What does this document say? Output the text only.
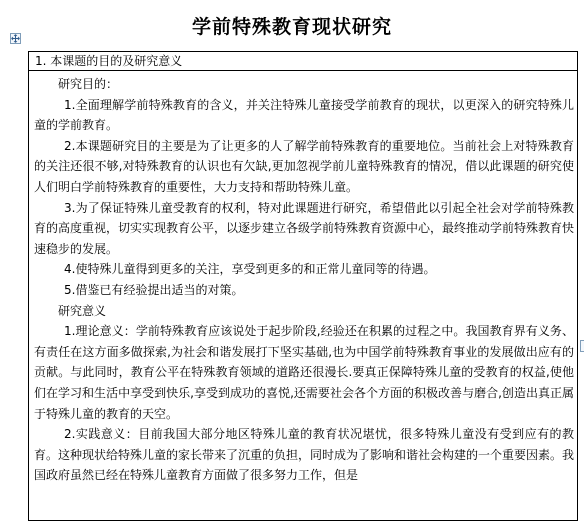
学前特殊教育现状研究
1. 本课题的目的及研究意义

研究目的：

1.全面理解学前特殊教育的含义，并关注特殊儿童接受学前教育的现状，以更深入的研究特殊儿童的学前教育。

2.本课题研究目的主要是为了让更多的人了解学前特殊教育的重要地位。当前社会上对特殊教育的关注还很不够,对特殊教育的认识也有欠缺,更加忽视学前儿童特殊教育的情况，借以此课题的研究使人们明白学前特殊教育的重要性，大力支持和帮助特殊儿童。

3.为了保证特殊儿童受教育的权利，特对此课题进行研究，希望借此以引起全社会对学前特殊教育的高度重视，切实实现教育公平，以逐步建立各级学前特殊教育资源中心，最终推动学前特殊教育快速稳步的发展。

4.使特殊儿童得到更多的关注，享受到更多的和正常儿童同等的待遇。

5.借鉴已有经验提出适当的对策。

研究意义

1.理论意义：学前特殊教育应该说处于起步阶段,经验还在积累的过程之中。我国教育界有义务、有责任在这方面多做探索,为社会和谐发展打下坚实基础,也为中国学前特殊教育事业的发展做出应有的贡献。与此同时，教育公平在特殊教育领域的道路还很漫长.要真正保障特殊儿童的受教育的权益,使他们在学习和生活中享受到快乐,享受到成功的喜悦,还需要社会各个方面的积极改善与磨合,创造出真正属于特殊儿童的教育的天空。

2.实践意义：目前我国大部分地区特殊儿童的教育状况堪忧，很多特殊儿童没有受到应有的教育。这种现状给特殊儿童的家长带来了沉重的负担，同时成为了影响和谐社会构建的一个重要因素。我国政府虽然已经在特殊儿童教育方面做了很多努力工作，但是
